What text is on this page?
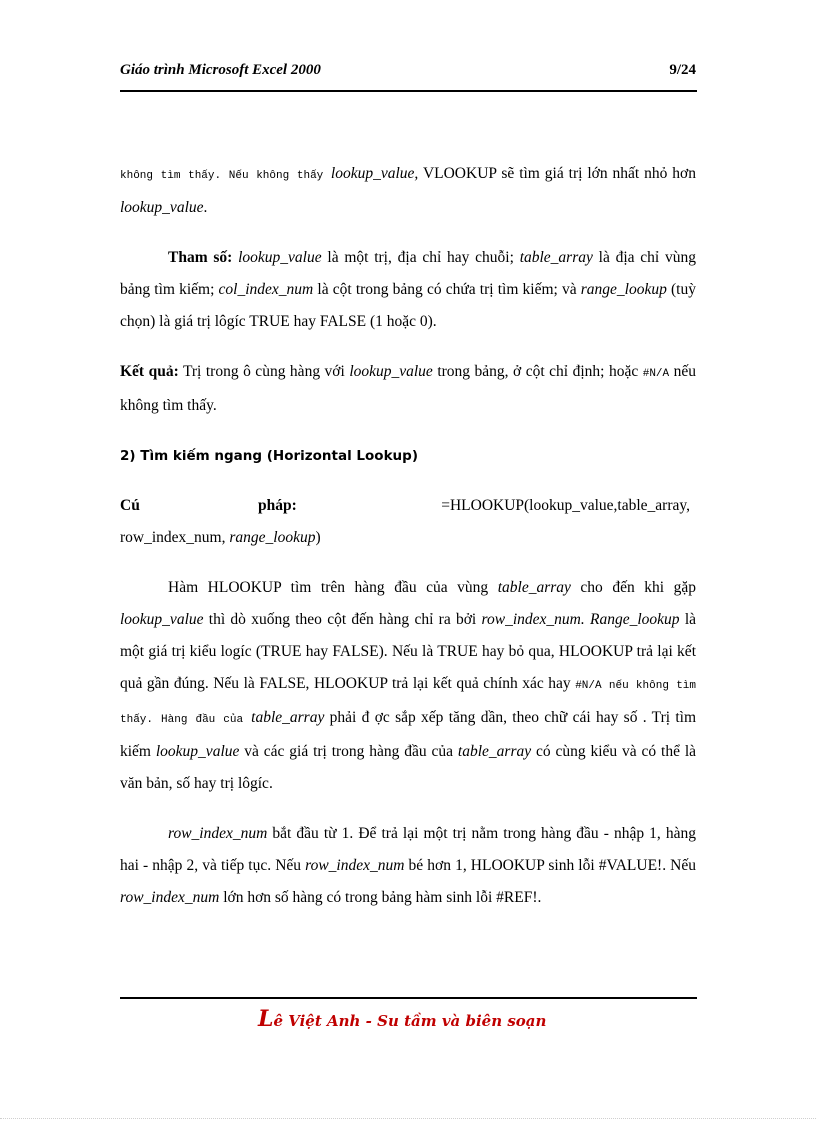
Giáo trình Microsoft Excel 2000	9/24

không tìm thấy. Nếu không thấy lookup_value, VLOOKUP sẽ tìm giá trị lớn nhất nhỏ hơn lookup_value.

Tham số: lookup_value là một trị, địa chỉ hay chuỗi; table_array là địa chỉ vùng bảng tìm kiếm; col_index_num là cột trong bảng có chứa trị tìm kiếm; và range_lookup (tuỳ chọn) là giá trị lôgíc TRUE hay FALSE (1 hoặc 0).

Kết quả: Trị trong ô cùng hàng với lookup_value trong bảng, ở cột chỉ định; hoặc #N/A nếu không tìm thấy.

2) Tìm kiếm ngang (Horizontal Lookup)

Cú	pháp:	=HLOOKUP(lookup_value,table_array,

row_index_num, range_lookup)

Hàm HLOOKUP tìm trên hàng đầu của vùng table_array cho đến khi gặp lookup_value thì dò xuống theo cột đến hàng chỉ ra bởi row_index_num. Range_lookup là một giá trị kiểu logíc (TRUE hay FALSE). Nếu là TRUE hay bỏ qua, HLOOKUP trả lại kết quả gần đúng. Nếu là FALSE, HLOOKUP trả lại kết quả chính xác hay #N/A nếu không tìm thấy. Hàng đầu của table_array phải đ ợc sắp xếp tăng dần, theo chữ cái hay số . Trị tìm kiếm lookup_value và các giá trị trong hàng đầu của table_array có cùng kiểu và có thể là văn bản, số hay trị lôgíc.

row_index_num bắt đầu từ 1. Để trả lại một trị nằm trong hàng đầu - nhập 1, hàng hai - nhập 2, và tiếp tục. Nếu row_index_num bé hơn 1, HLOOKUP sinh lỗi #VALUE!. Nếu row_index_num lớn hơn số hàng có trong bảng hàm sinh lỗi #REF!.

Lê Việt Anh - Su tầm và biên soạn
